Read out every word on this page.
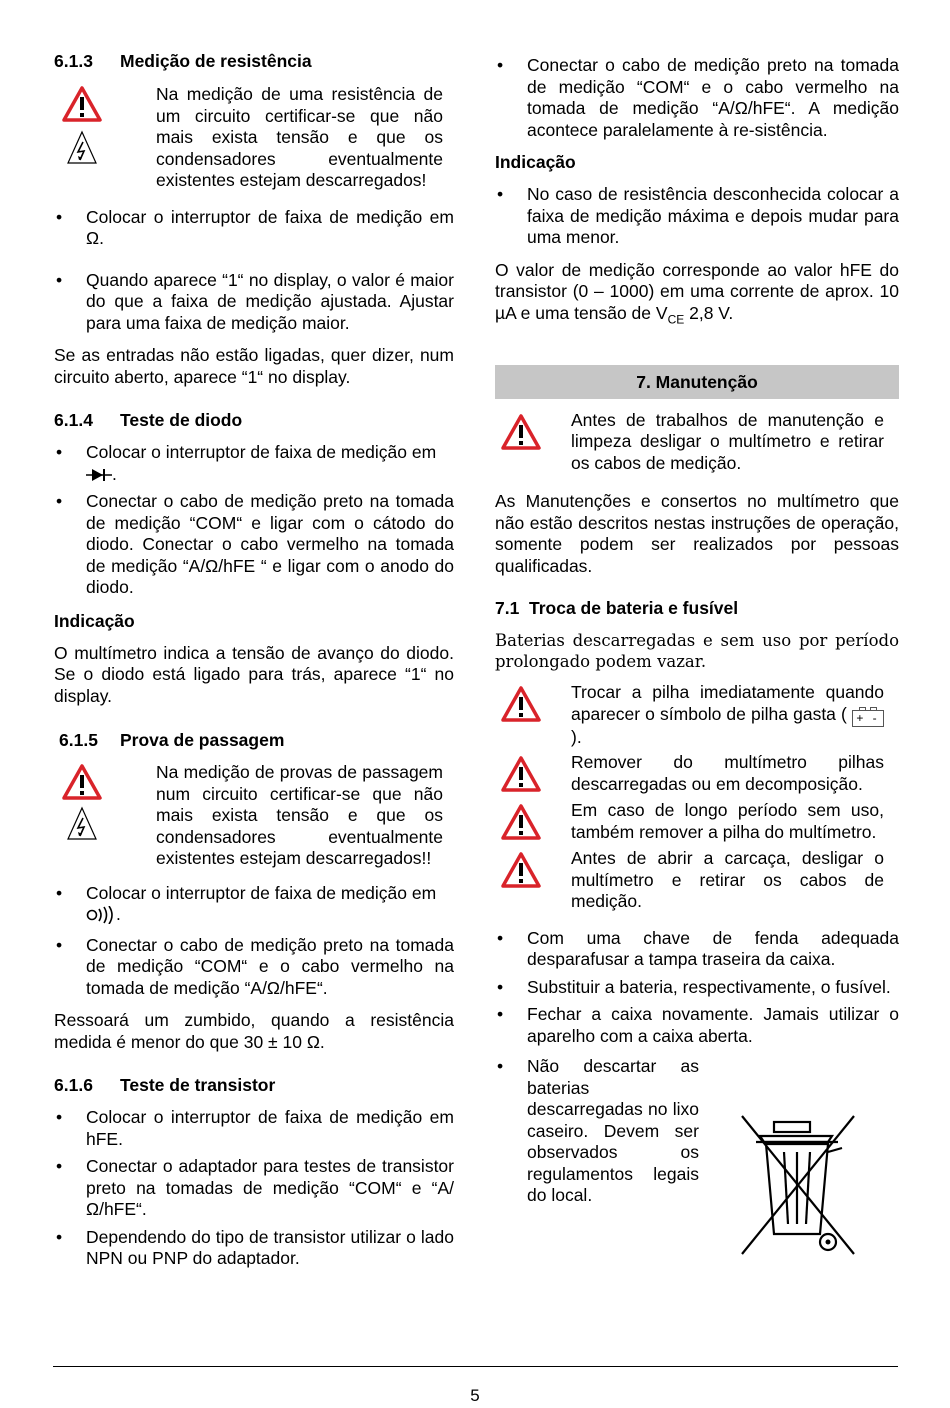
6.1.3 Medição de resistência

Na medição de uma resistência de um circuito certificar-se que não mais exista tensão e que os condensadores eventualmente existentes estejam descarregados!

• Colocar o interruptor de faixa de medição em Ω.
• Quando aparece “1“ no display, o valor é maior do que a faixa de medição ajustada. Ajustar para uma faixa de medição maior.

Se as entradas não estão ligadas, quer dizer, num circuito aberto, aparece “1“ no display.

6.1.4 Teste de diodo
• Colocar o interruptor de faixa de medição em
.
• Conectar o cabo de medição preto na tomada de medição “COM“ e ligar com o cátodo do diodo. Conectar o cabo vermelho na tomada de medição “A/Ω/hFE “ e ligar com o anodo do diodo.
Indicação

O multímetro indica a tensão de avanço do diodo. Se o diodo está ligado para trás, aparece “1“ no display.

6.1.5 Prova de passagem

Na medição de provas de passagem num circuito certificar-se que não mais exista tensão e que os condensadores eventualmente existentes estejam descarregados!!

• Colocar o interruptor de faixa de medição em
.
• Conectar o cabo de medição preto na tomada de medição “COM“ e o cabo vermelho na tomada de medição “A/Ω/hFE“.

Ressoará um zumbido, quando a resistência medida é menor do que 30 ± 10 Ω.

6.1.6 Teste de transistor
• Colocar o interruptor de faixa de medição em hFE.
• Conectar o adaptador para testes de transistor preto na tomadas de medição “COM“ e “A/Ω/hFE“.
• Dependendo do tipo de transistor utilizar o lado NPN ou PNP do adaptador.
• Conectar o cabo de medição preto na tomada de medição “COM“ e o cabo vermelho na tomada de medição “A/Ω/hFE“. A medição acontece paralelamente à re-sistência.
Indicação
• No caso de resistência desconhecida colocar a faixa de medição máxima e depois mudar para uma menor.

O valor de medição corresponde ao valor hFE do transistor (0 – 1000) em uma corrente de aprox. 10 µA e uma tensão de $V_{CE}$ 2,8 V.

7. Manutenção

Antes de trabalhos de manutenção e limpeza desligar o multímetro e retirar os cabos de medição.

As Manutenções e consertos no multímetro que não estão descritos nestas instruções de operação, somente podem ser realizados por pessoas qualificadas.

7.1 Troca de bateria e fusível

Baterias descarregadas e sem uso por período prolongado podem vazar.

Trocar a pilha imediatamente quando aparecer o símbolo de pilha gasta ( + -).

Remover do multímetro pilhas descarregadas ou em decomposição.

Em caso de longo período sem uso, também remover a pilha do multímetro.

Antes de abrir a carcaça, desligar o multímetro e retirar os cabos de medição.

• Com uma chave de fenda adequada desparafusar a tampa traseira da caixa.
• Substituir a bateria, respectivamente, o fusível.
• Fechar a caixa novamente. Jamais utilizar o aparelho com a caixa aberta.
• Não descartar as baterias descarregadas no lixo caseiro. Devem ser observados os regulamentos legais do local.
5
